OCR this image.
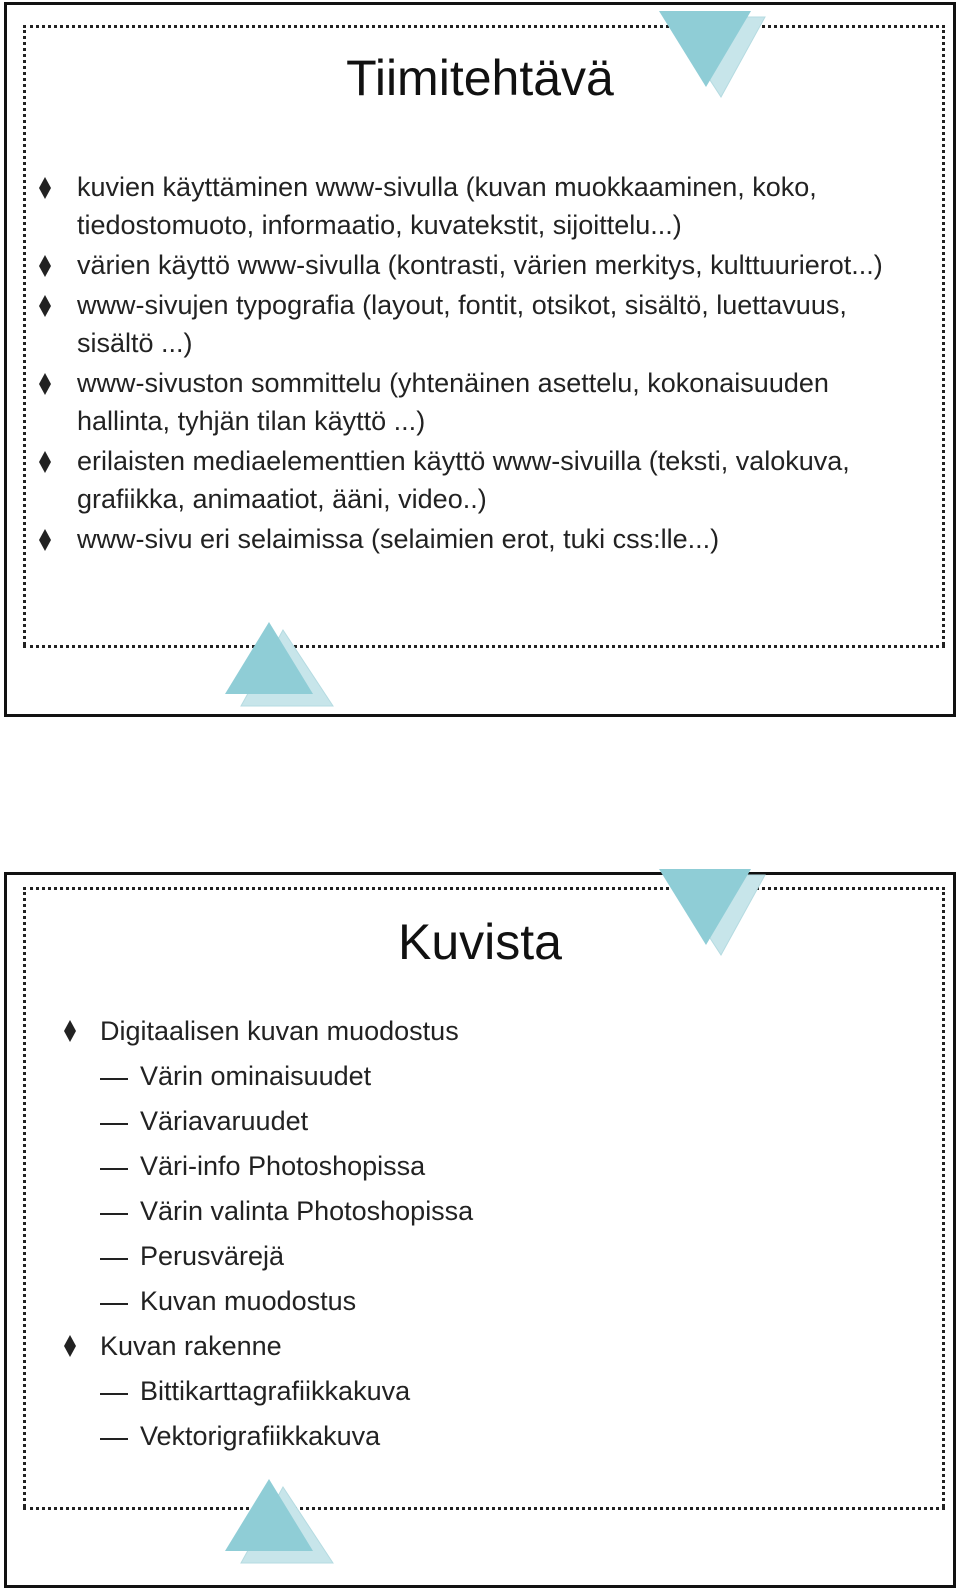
Tiimitehtävä
kuvien käyttäminen www-sivulla (kuvan muokkaaminen, koko, tiedostomuoto, informaatio, kuvatekstit, sijoittelu...)
värien käyttö www-sivulla (kontrasti, värien merkitys, kulttuurierot...)
www-sivujen typografia (layout, fontit, otsikot, sisältö, luettavuus, sisältö ...)
www-sivuston sommittelu (yhtenäinen asettelu, kokonaisuuden hallinta, tyhjän tilan käyttö ...)
erilaisten mediaelementtien käyttö www-sivuilla (teksti, valokuva, grafiikka, animaatiot, ääni, video..)
www-sivu eri selaimissa (selaimien erot, tuki css:lle...)
Kuvista
Digitaalisen kuvan muodostus
Värin ominaisuudet
Väriavaruudet
Väri-info Photoshopissa
Värin valinta Photoshopissa
Perusvärejä
Kuvan muodostus
Kuvan rakenne
Bittikarttagrafiikkakuva
Vektorigrafiikkakuva
